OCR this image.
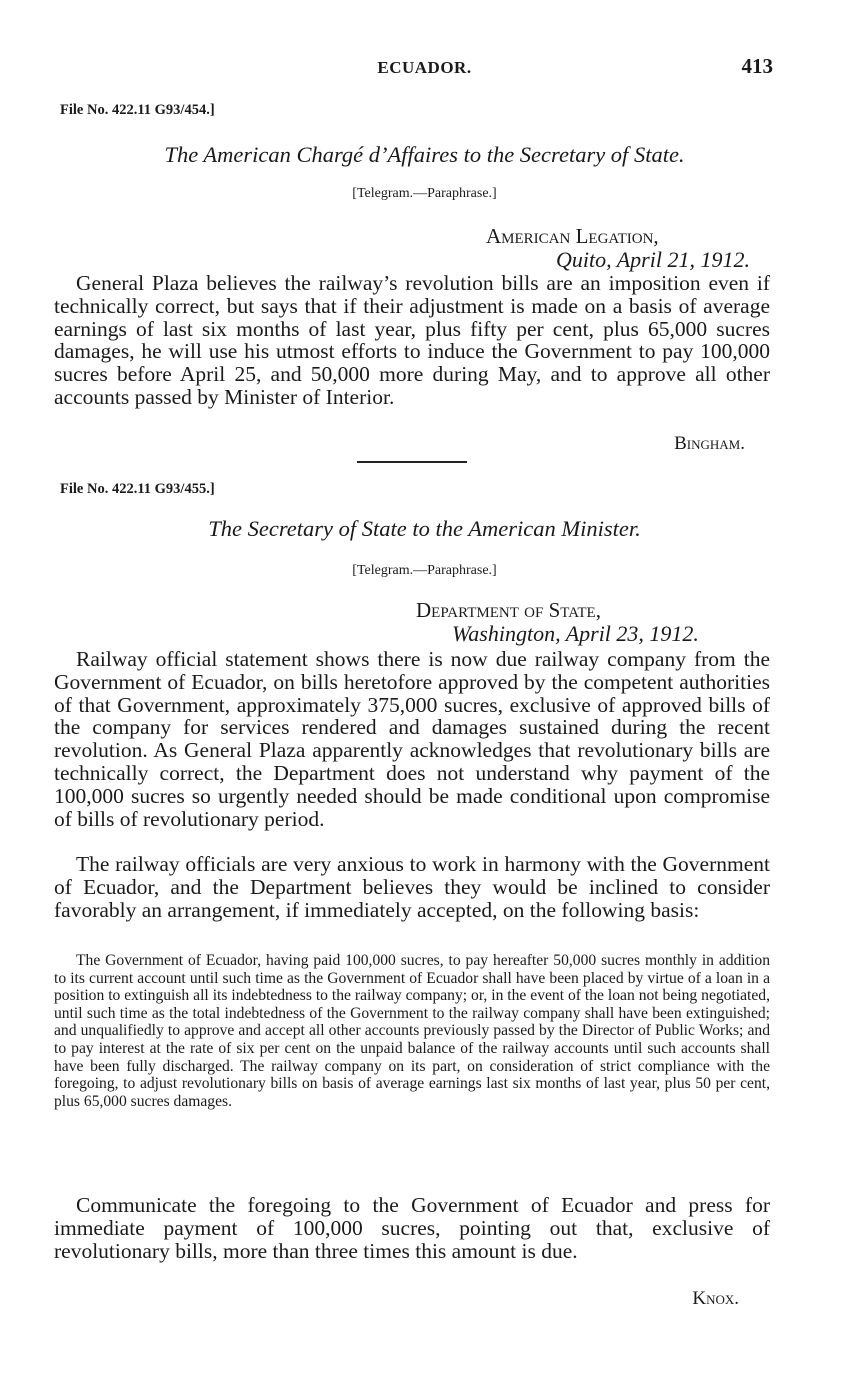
ECUADOR.	413
File No. 422.11 G93/454.]
The American Chargé d’Affaires to the Secretary of State.
[Telegram.—Paraphrase.]
American Legation,
Quito, April 21, 1912.

General Plaza believes the railway’s revolution bills are an imposition even if technically correct, but says that if their adjustment is made on a basis of average earnings of last six months of last year, plus fifty per cent, plus 65,000 sucres damages, he will use his utmost efforts to induce the Government to pay 100,000 sucres before April 25, and 50,000 more during May, and to approve all other accounts passed by Minister of Interior.

Bingham.
File No. 422.11 G93/455.]
The Secretary of State to the American Minister.
[Telegram.—Paraphrase.]
Department of State,
Washington, April 23, 1912.

Railway official statement shows there is now due railway company from the Government of Ecuador, on bills heretofore approved by the competent authorities of that Government, approximately 375,000 sucres, exclusive of approved bills of the company for services rendered and damages sustained during the recent revolution. As General Plaza apparently acknowledges that revolutionary bills are technically correct, the Department does not understand why payment of the 100,000 sucres so urgently needed should be made conditional upon compromise of bills of revolutionary period.

The railway officials are very anxious to work in harmony with the Government of Ecuador, and the Department believes they would be inclined to consider favorably an arrangement, if immediately accepted, on the following basis:

The Government of Ecuador, having paid 100,000 sucres, to pay hereafter 50,000 sucres monthly in addition to its current account until such time as the Government of Ecuador shall have been placed by virtue of a loan in a position to extinguish all its indebtedness to the railway company; or, in the event of the loan not being negotiated, until such time as the total indebtedness of the Government to the railway company shall have been extinguished; and unqualifiedly to approve and accept all other accounts previously passed by the Director of Public Works; and to pay interest at the rate of six per cent on the unpaid balance of the railway accounts until such accounts shall have been fully discharged. The railway company on its part, on consideration of strict compliance with the foregoing, to adjust revolutionary bills on basis of average earnings last six months of last year, plus 50 per cent, plus 65,000 sucres damages.

Communicate the foregoing to the Government of Ecuador and press for immediate payment of 100,000 sucres, pointing out that, exclusive of revolutionary bills, more than three times this amount is due.

Knox.
